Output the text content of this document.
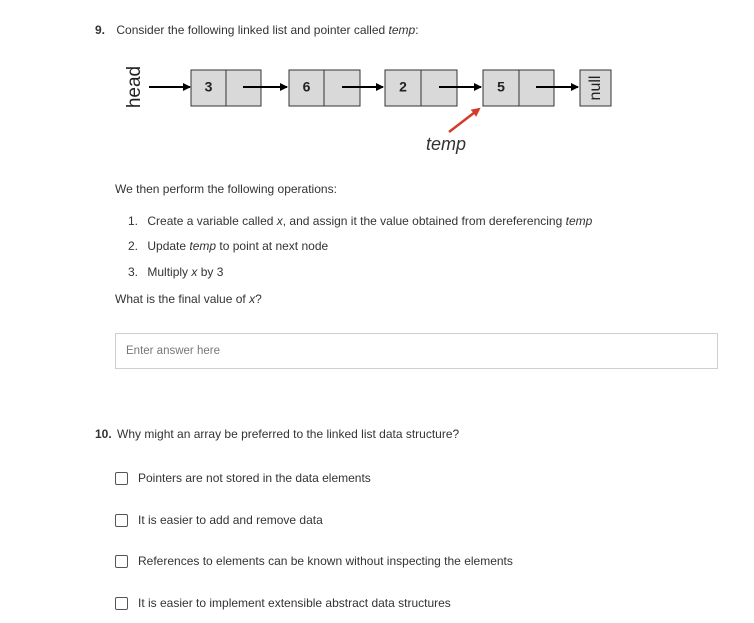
9. Consider the following linked list and pointer called temp:
head	3	6	2	5	null
temp
We then perform the following operations:
1. Create a variable called x, and assign it the value obtained from dereferencing temp
2. Update temp to point at next node
3. Multiply x by 3
What is the final value of x?
Enter answer here
10. Why might an array be preferred to the linked list data structure?
Pointers are not stored in the data elements
It is easier to add and remove data
References to elements can be known without inspecting the elements
It is easier to implement extensible abstract data structures
